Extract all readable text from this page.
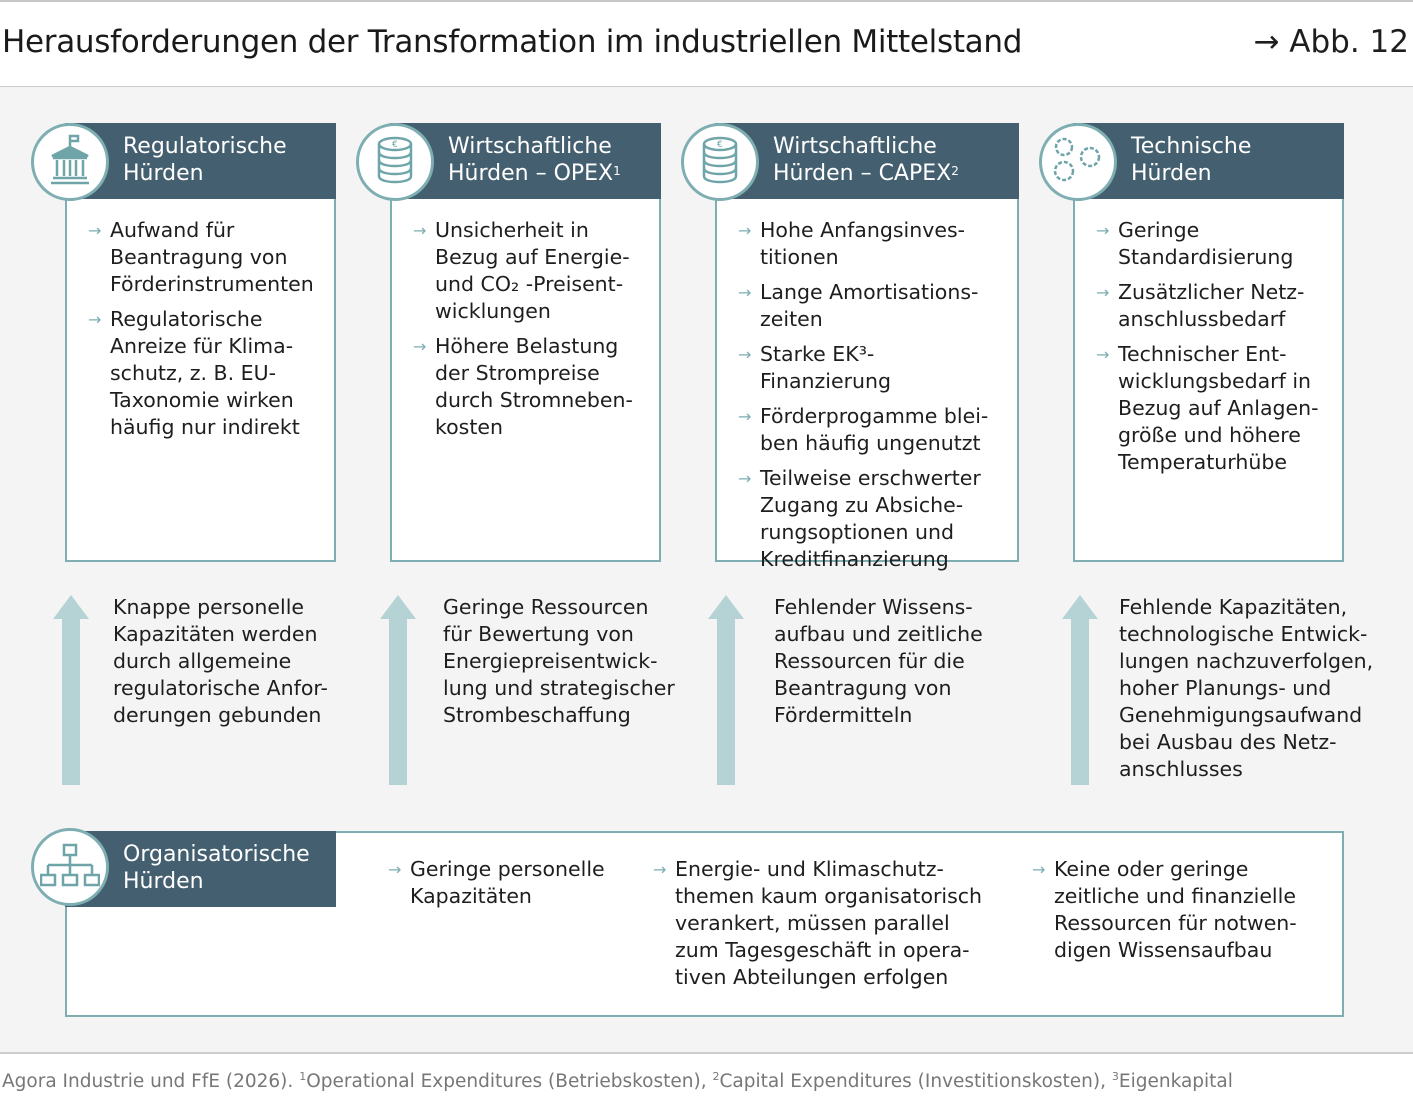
Herausforderungen der Transformation im industriellen Mittelstand	→ Abb. 12
Regulatorische
Hürden
→ Aufwand für Beantragung von Förderinstrumenten
→ Regulatorische Anreize für Klima-schutz, z. B. EU-Taxonomie wirken häufig nur indirekt
Knappe personelle
Kapazitäten werden
durch allgemeine
regulatorische Anfor-
derungen gebunden
Wirtschaftliche
Hürden – OPEX$^1$
€
→ Unsicherheit in Bezug auf Energie-und CO₂ -Preisent-wicklungen
→ Höhere Belastung der Strompreise durch Stromneben-kosten
Geringe Ressourcen
für Bewertung von
Energiepreisentwick-
lung und strategischer
Strombeschaffung
Wirtschaftliche
Hürden – CAPEX$^2$
€
→ Hohe Anfangsinves-titionen
→ Lange Amortisations-zeiten
→ Starke EK³-Finanzierung
→ Förderprogamme blei-ben häufig ungenutzt
→ Teilweise erschwerter Zugang zu Absiche-rungsoptionen und Kreditfinanzierung
Fehlender Wissens-
aufbau und zeitliche
Ressourcen für die
Beantragung von
Fördermitteln
Technische
Hürden
→ Geringe Standardisierung
→ Zusätzlicher Netz-anschlussbedarf
→ Technischer Ent-wicklungsbedarf in Bezug auf Anlagen-größe und höhere Temperaturhübe
Fehlende Kapazitäten,
technologische Entwick-
lungen nachzuverfolgen,
hoher Planungs- und
Genehmigungsaufwand
bei Ausbau des Netz-
anschlusses
Organisatorische
Hürden	→ Geringe personelle Kapazitäten
→ Energie- und Klimaschutz-themen kaum organisatorisch verankert, müssen parallel zum Tagesgeschäft in opera-tiven Abteilungen erfolgen
→ Keine oder geringe zeitliche und finanzielle Ressourcen für notwen-digen Wissensaufbau
Agora Industrie und FfE (2026). $^1$Operational Expenditures (Betriebskosten), $^2$Capital Expenditures (Investitionskosten), $^3$Eigenkapital
